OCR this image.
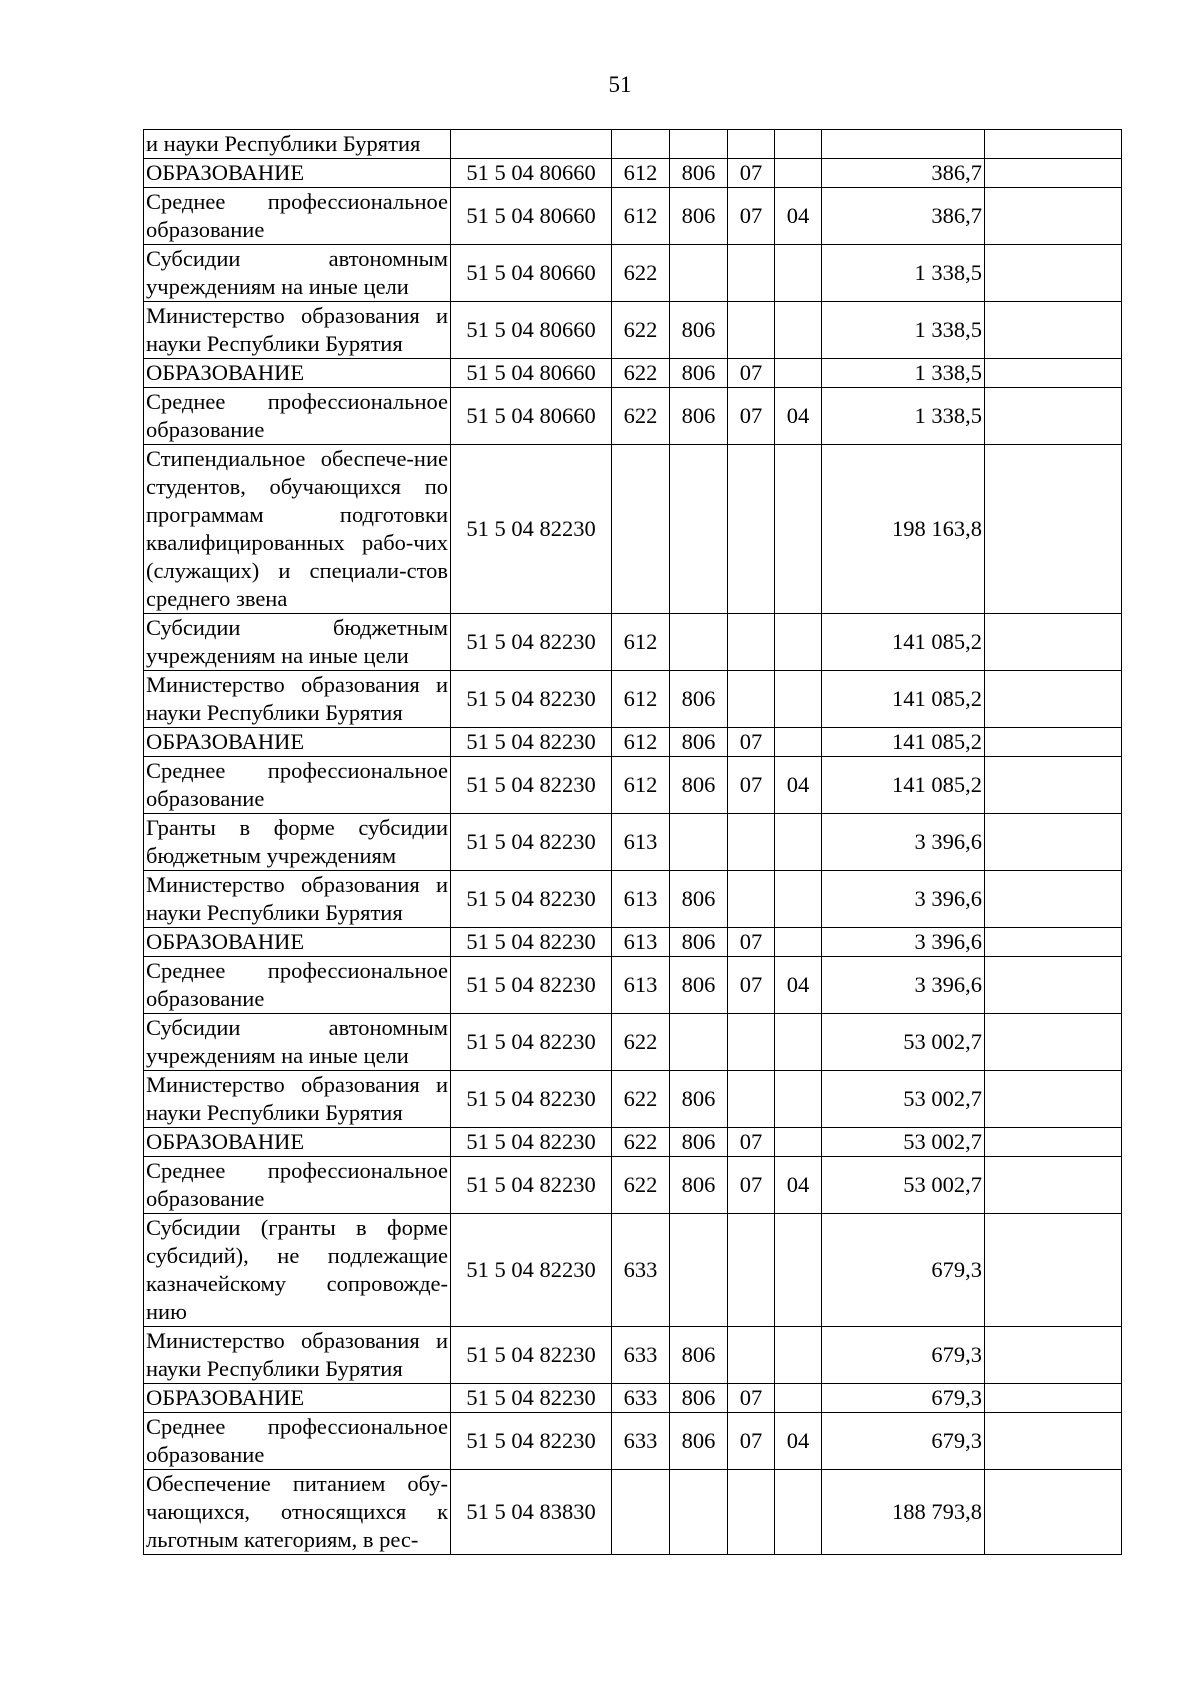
51
и науки Республики Бурятия							
ОБРАЗОВАНИЕ	51 5 04 80660	612	806	07		386,7	
Среднее профессиональное образование	51 5 04 80660	612	806	07	04	386,7	
Субсидии автономным учреждениям на иные цели	51 5 04 80660	622				1 338,5	
Министерство образования и науки Республики Бурятия	51 5 04 80660	622	806			1 338,5	
ОБРАЗОВАНИЕ	51 5 04 80660	622	806	07		1 338,5	
Среднее профессиональное образование	51 5 04 80660	622	806	07	04	1 338,5	
Стипендиальное обеспече-ние студентов, обучающихся по программам подготовки квалифицированных рабо-чих (служащих) и специали-стов среднего звена	51 5 04 82230					198 163,8	
Субсидии бюджетным учреждениям на иные цели	51 5 04 82230	612				141 085,2	
Министерство образования и науки Республики Бурятия	51 5 04 82230	612	806			141 085,2	
ОБРАЗОВАНИЕ	51 5 04 82230	612	806	07		141 085,2	
Среднее профессиональное образование	51 5 04 82230	612	806	07	04	141 085,2	
Гранты в форме субсидии бюджетным учреждениям	51 5 04 82230	613				3 396,6	
Министерство образования и науки Республики Бурятия	51 5 04 82230	613	806			3 396,6	
ОБРАЗОВАНИЕ	51 5 04 82230	613	806	07		3 396,6	
Среднее профессиональное образование	51 5 04 82230	613	806	07	04	3 396,6	
Субсидии автономным учреждениям на иные цели	51 5 04 82230	622				53 002,7	
Министерство образования и науки Республики Бурятия	51 5 04 82230	622	806			53 002,7	
ОБРАЗОВАНИЕ	51 5 04 82230	622	806	07		53 002,7	
Среднее профессиональное образование	51 5 04 82230	622	806	07	04	53 002,7	
Субсидии (гранты в форме субсидий), не подлежащие казначейскому сопровожде-нию	51 5 04 82230	633				679,3	
Министерство образования и науки Республики Бурятия	51 5 04 82230	633	806			679,3	
ОБРАЗОВАНИЕ	51 5 04 82230	633	806	07		679,3	
Среднее профессиональное образование	51 5 04 82230	633	806	07	04	679,3	
Обеспечение питанием обу-чающихся, относящихся к льготным категориям, в рес-	51 5 04 83830					188 793,8	
